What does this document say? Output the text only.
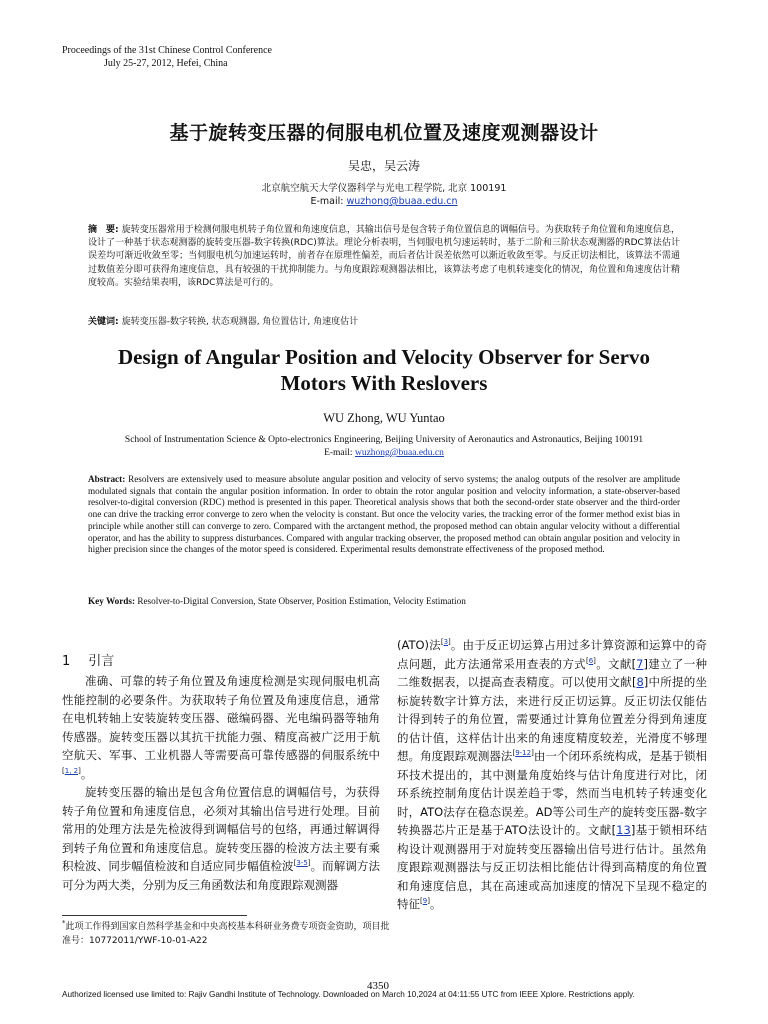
Proceedings of the 31st Chinese Control Conference
July 25-27, 2012, Hefei, China
基于旋转变压器的伺服电机位置及速度观测器设计
吴忠，吴云涛
北京航空航天大学仪器科学与光电工程学院, 北京 100191
E-mail: wuzhong@buaa.edu.cn
摘　要: 旋转变压器常用于检测伺服电机转子角位置和角速度信息，其输出信号是包含转子角位置信息的调幅信号。为获取转子角位置和角速度信息，设计了一种基于状态观测器的旋转变压器-数字转换(RDC)算法。理论分析表明，当伺服电机匀速运转时，基于二阶和三阶状态观测器的RDC算法估计误差均可渐近收敛至零；当伺服电机匀加速运转时，前者存在原理性偏差，而后者估计误差依然可以渐近收敛至零。与反正切法相比，该算法不需通过数值差分即可获得角速度信息，具有较强的干扰抑制能力。与角度跟踪观测器法相比，该算法考虑了电机转速变化的情况，角位置和角速度估计精度较高。实验结果表明，该RDC算法是可行的。
关键词: 旋转变压器-数字转换, 状态观测器, 角位置估计, 角速度估计
Design of Angular Position and Velocity Observer for Servo
Motors With Reslovers
WU Zhong, WU Yuntao
School of Instrumentation Science & Opto-electronics Engineering, Beijing University of Aeronautics and Astronautics, Beijing 100191
E-mail: wuzhong@buaa.edu.cn
Abstract: Resolvers are extensively used to measure absolute angular position and velocity of servo systems; the analog outputs of the resolver are amplitude modulated signals that contain the angular position information. In order to obtain the rotor angular position and velocity information, a state-observer-based resolver-to-digital conversion (RDC) method is presented in this paper. Theoretical analysis shows that both the second-order state observer and the third-order one can drive the tracking error converge to zero when the velocity is constant. But once the velocity varies, the tracking error of the former method exist bias in principle while another still can converge to zero. Compared with the arctangent method, the proposed method can obtain angular velocity without a differential operator, and has the ability to suppress disturbances. Compared with angular tracking observer, the proposed method can obtain angular position and velocity in higher precision since the changes of the motor speed is considered. Experimental results demonstrate effectiveness of the proposed method.
Key Words: Resolver-to-Digital Conversion, State Observer, Position Estimation, Velocity Estimation
1 引言

准确、可靠的转子角位置及角速度检测是实现伺服电机高性能控制的必要条件。为获取转子角位置及角速度信息，通常在电机转轴上安装旋转变压器、磁编码器、光电编码器等轴角传感器。旋转变压器以其抗干扰能力强、精度高被广泛用于航空航天、军事、工业机器人等需要高可靠传感器的伺服系统中[1, 2]。

旋转变压器的输出是包含角位置信息的调幅信号，为获得转子角位置和角速度信息，必须对其输出信号进行处理。目前常用的处理方法是先检波得到调幅信号的包络，再通过解调得到转子角位置和角速度信息。旋转变压器的检波方法主要有乘积检波、同步幅值检波和自适应同步幅值检波[3-5]。而解调方法可分为两大类，分别为反三角函数法和角度跟踪观测器

(ATO)法[3]。由于反正切运算占用过多计算资源和运算中的奇点问题，此方法通常采用查表的方式[6]。文献[7]建立了一种二维数据表，以提高查表精度。可以使用文献[8]中所提的坐标旋转数字计算方法，来进行反正切运算。反正切法仅能估计得到转子的角位置，需要通过计算角位置差分得到角速度的估计值，这样估计出来的角速度精度较差，光滑度不够理想。角度跟踪观测器法[9-12]由一个闭环系统构成，是基于锁相环技术提出的，其中测量角度始终与估计角度进行对比，闭环系统控制角度估计误差趋于零，然而当电机转子转速变化时，ATO法存在稳态误差。AD等公司生产的旋转变压器-数字转换器芯片正是基于ATO法设计的。文献[13]基于锁相环结构设计观测器用于对旋转变压器输出信号进行估计。虽然角度跟踪观测器法与反正切法相比能估计得到高精度的角位置和角速度信息，其在高速或高加速度的情况下呈现不稳定的特征[9]。

*此项工作得到国家自然科学基金和中央高校基本科研业务费专项资金资助，项目批准号：10772011/YWF-10-01-A22
4350
Authorized licensed use limited to: Rajiv Gandhi Institute of Technology. Downloaded on March 10,2024 at 04:11:55 UTC from IEEE Xplore. Restrictions apply.
